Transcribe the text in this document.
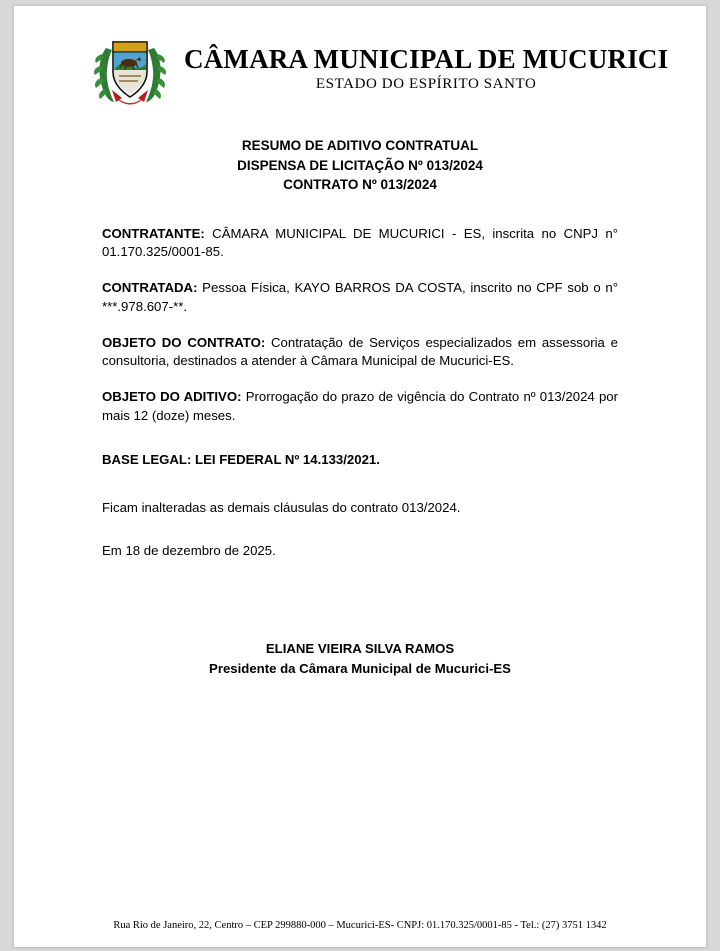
CÂMARA MUNICIPAL DE MUCURICI
ESTADO DO ESPÍRITO SANTO
RESUMO DE ADITIVO CONTRATUAL
DISPENSA DE LICITAÇÃO Nº 013/2024
CONTRATO Nº 013/2024

CONTRATANTE: CÂMARA MUNICIPAL DE MUCURICI - ES, inscrita no CNPJ n° 01.170.325/0001-85.

CONTRATADA: Pessoa Física, KAYO BARROS DA COSTA, inscrito no CPF sob o n° ***.978.607-**.

OBJETO DO CONTRATO: Contratação de Serviços especializados em assessoria e consultoria, destinados a atender à Câmara Municipal de Mucurici-ES.

OBJETO DO ADITIVO: Prorrogação do prazo de vigência do Contrato nº 013/2024 por mais 12 (doze) meses.

BASE LEGAL: LEI FEDERAL Nº 14.133/2021.

Ficam inalteradas as demais cláusulas do contrato 013/2024.

Em 18 de dezembro de 2025.

ELIANE VIEIRA SILVA RAMOS
Presidente da Câmara Municipal de Mucurici-ES
Rua Rio de Janeiro, 22, Centro – CEP 299880-000 – Mucurici-ES- CNPJ: 01.170.325/0001-85 - Tel.: (27) 3751 1342
